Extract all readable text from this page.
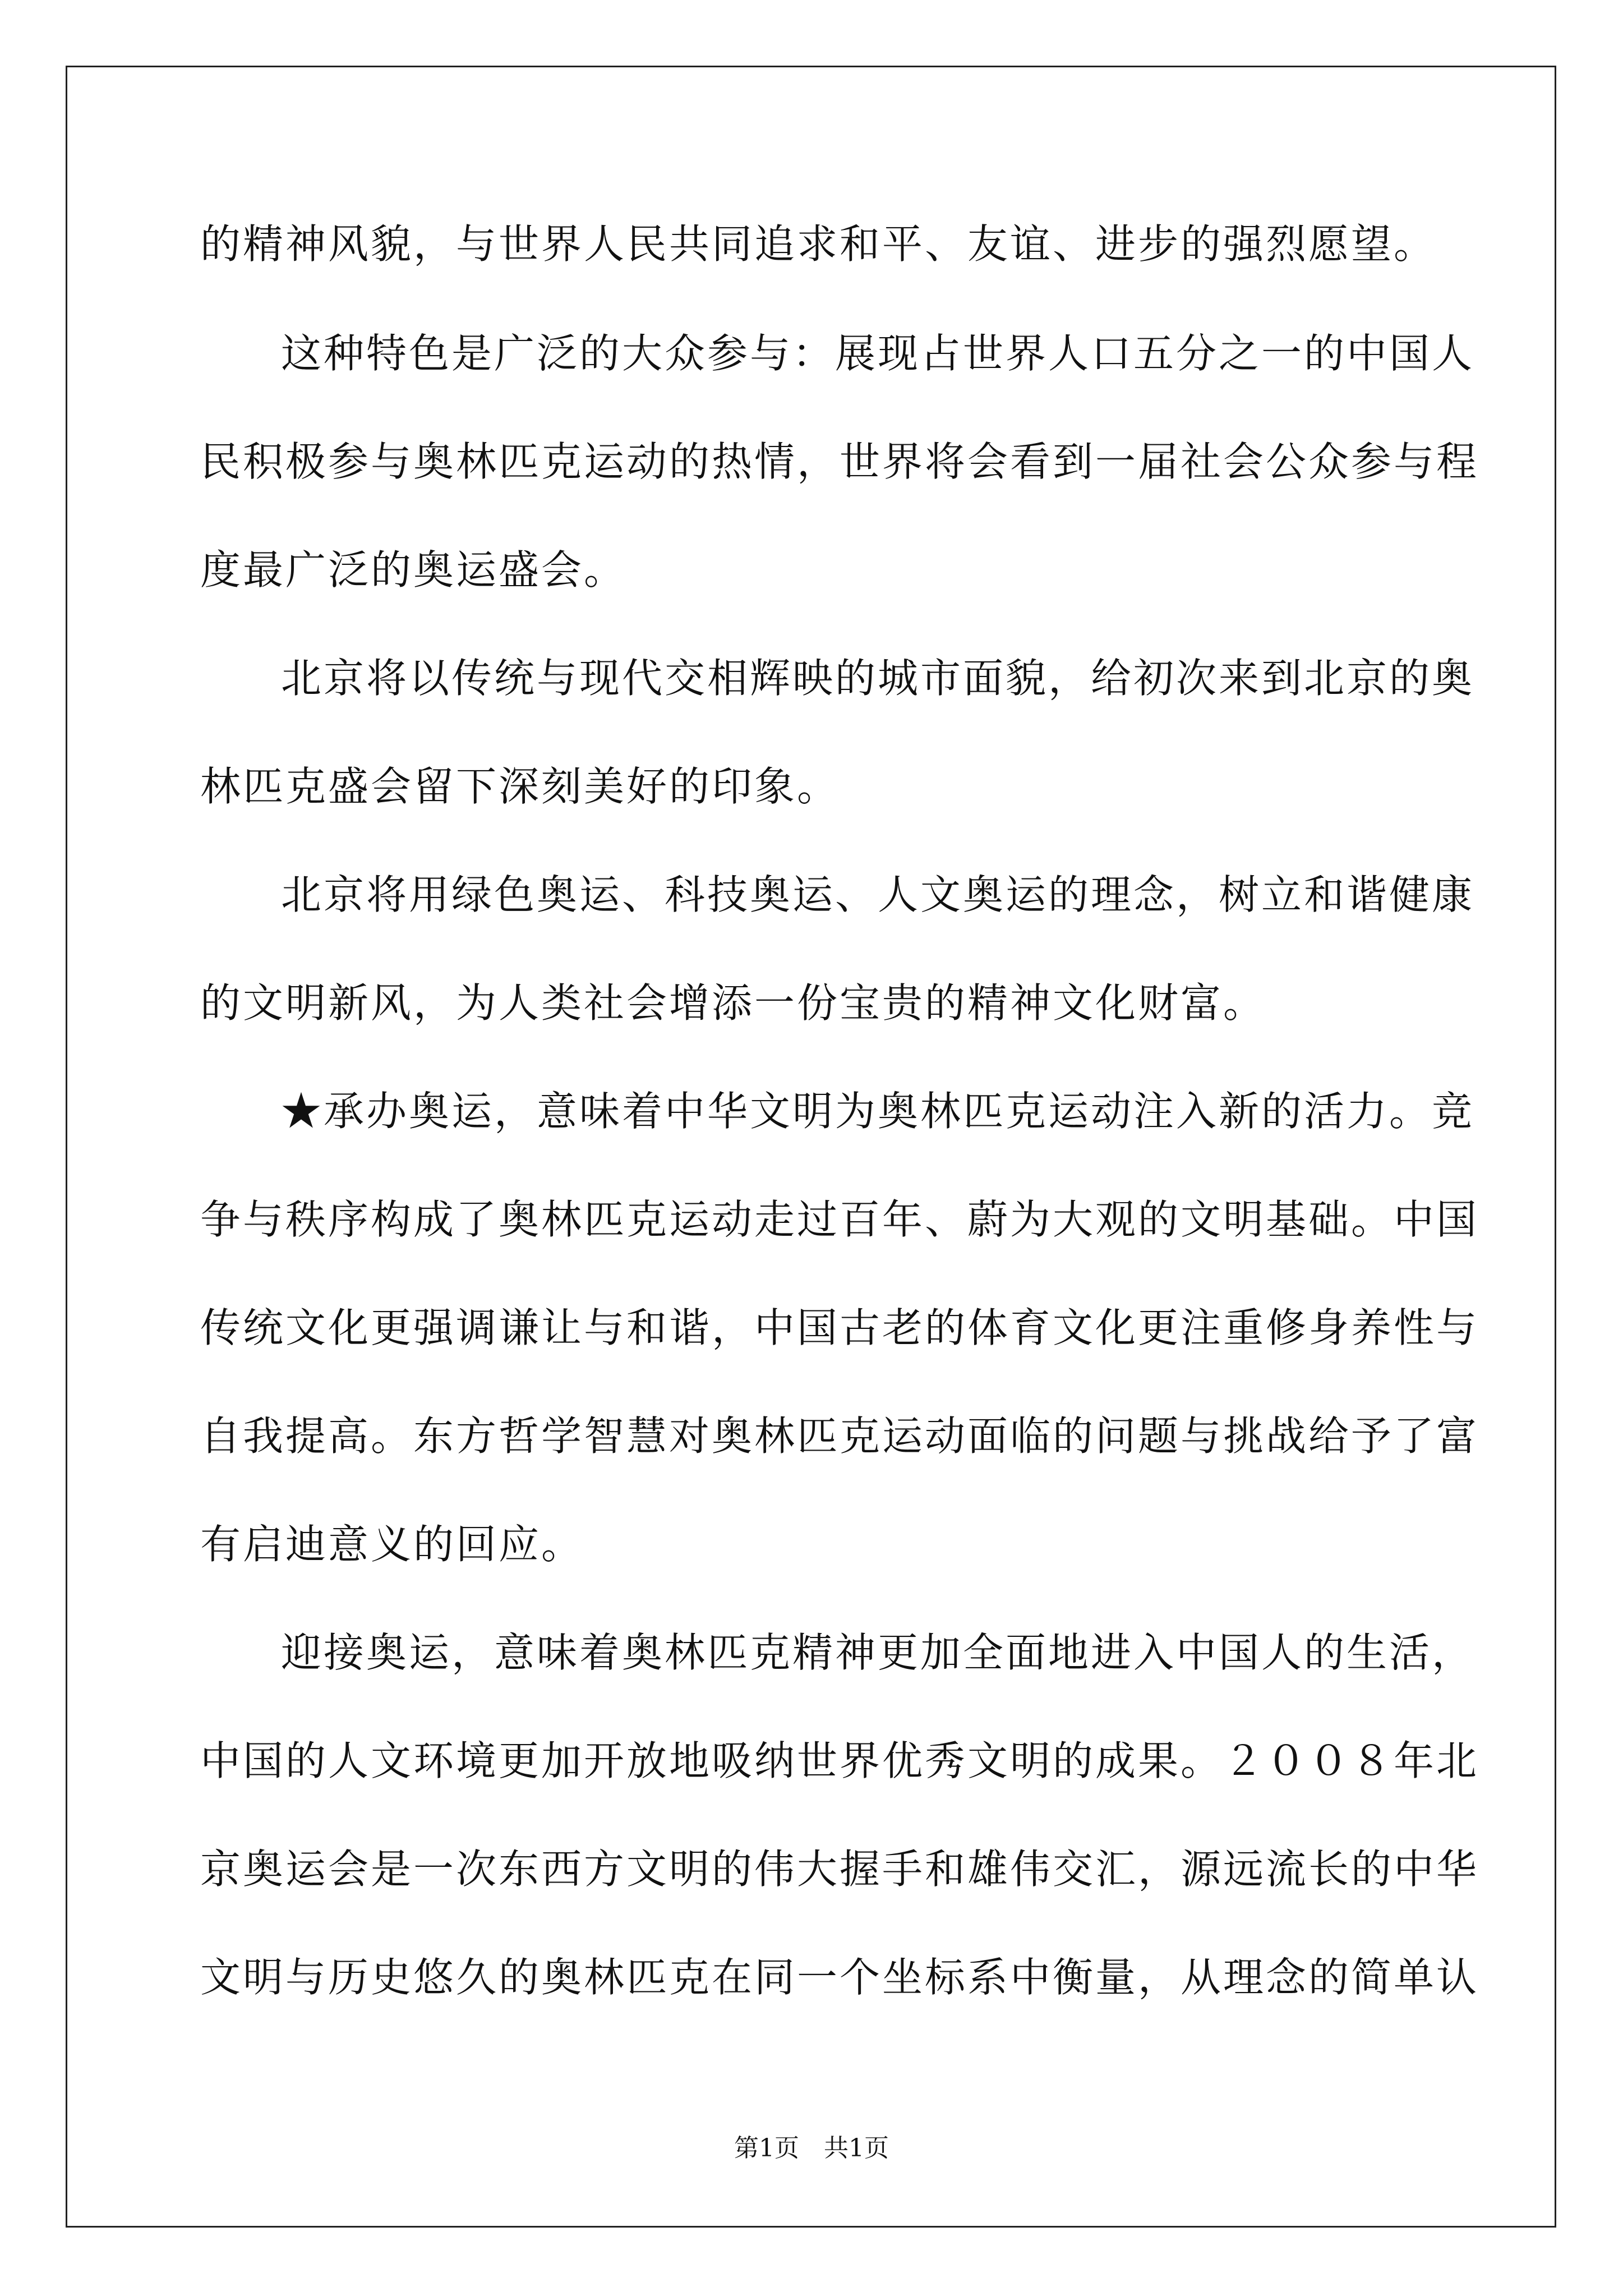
的精神风貌，与世界人民共同追求和平、友谊、进步的强烈愿望。
这种特色是广泛的大众参与：展现占世界人口五分之一的中国人
民积极参与奥林匹克运动的热情，世界将会看到一届社会公众参与程
度最广泛的奥运盛会。
北京将以传统与现代交相辉映的城市面貌，给初次来到北京的奥
林匹克盛会留下深刻美好的印象。
北京将用绿色奥运、科技奥运、人文奥运的理念，树立和谐健康
的文明新风，为人类社会增添一份宝贵的精神文化财富。
★承办奥运，意味着中华文明为奥林匹克运动注入新的活力。竞
争与秩序构成了奥林匹克运动走过百年、蔚为大观的文明基础。中国
传统文化更强调谦让与和谐，中国古老的体育文化更注重修身养性与
自我提高。东方哲学智慧对奥林匹克运动面临的问题与挑战给予了富
有启迪意义的回应。
迎接奥运，意味着奥林匹克精神更加全面地进入中国人的生活，
中国的人文环境更加开放地吸纳世界优秀文明的成果。２００８年北
京奥运会是一次东西方文明的伟大握手和雄伟交汇，源远流长的中华
文明与历史悠久的奥林匹克在同一个坐标系中衡量，从理念的简单认
第1页　共1页
